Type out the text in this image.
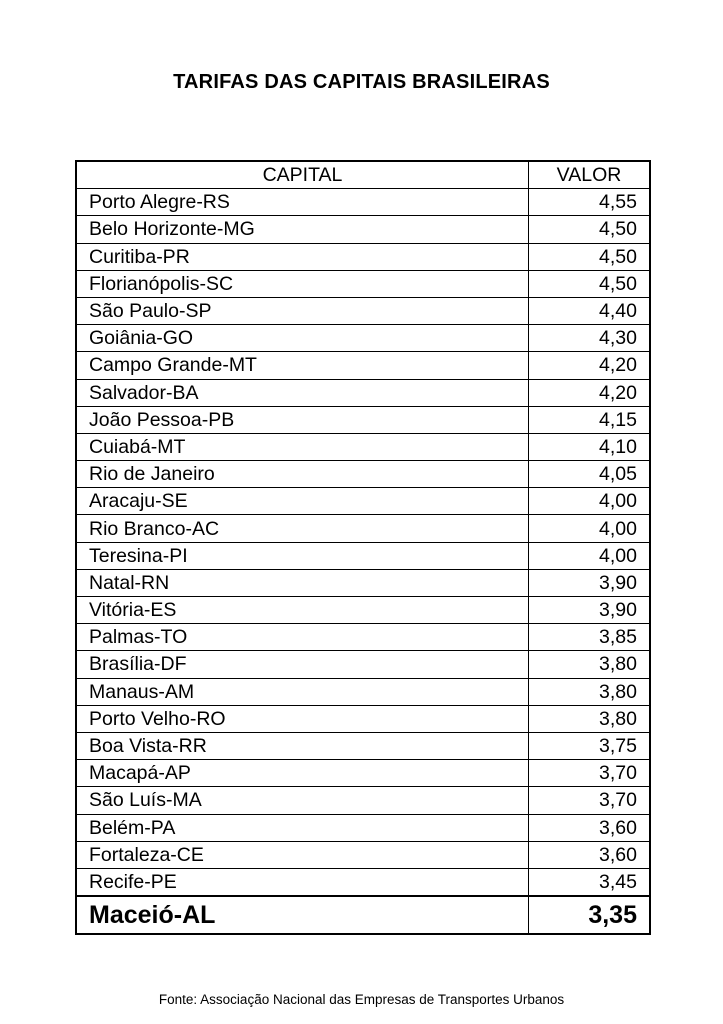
TARIFAS DAS CAPITAIS BRASILEIRAS
CAPITAL	VALOR
Porto Alegre-RS	4,55
Belo Horizonte-MG	4,50
Curitiba-PR	4,50
Florianópolis-SC	4,50
São Paulo-SP	4,40
Goiânia-GO	4,30
Campo Grande-MT	4,20
Salvador-BA	4,20
João Pessoa-PB	4,15
Cuiabá-MT	4,10
Rio de Janeiro	4,05
Aracaju-SE	4,00
Rio Branco-AC	4,00
Teresina-PI	4,00
Natal-RN	3,90
Vitória-ES	3,90
Palmas-TO	3,85
Brasília-DF	3,80
Manaus-AM	3,80
Porto Velho-RO	3,80
Boa Vista-RR	3,75
Macapá-AP	3,70
São Luís-MA	3,70
Belém-PA	3,60
Fortaleza-CE	3,60
Recife-PE	3,45
Maceió-AL	3,35
Fonte: Associação Nacional das Empresas de Transportes Urbanos
